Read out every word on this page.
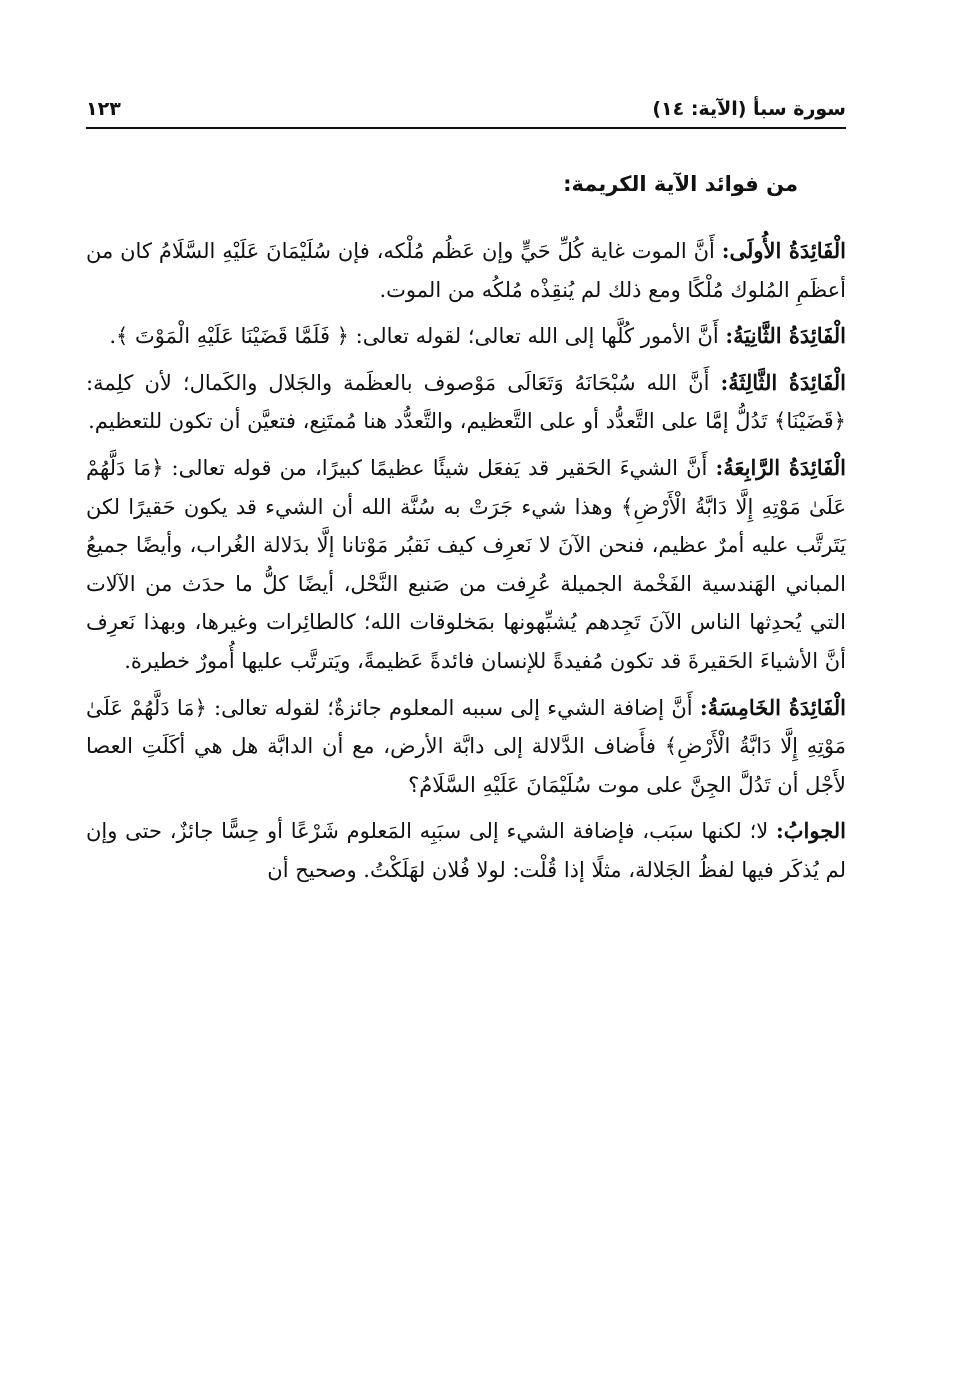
سورة سبأ (الآية: ١٤)
١٢٣
من فوائد الآية الكريمة:

الْفَائِدَةُ الأُولَى: أَنَّ الموت غاية كُلِّ حَيٍّ وإن عَظُم مُلْكه، فإن سُلَيْمَانَ عَلَيْهِ السَّلَامُ كان من أعظَمِ المُلوك مُلْكًا ومع ذلك لم يُنقِذْه مُلكُه من الموت.

الْفَائِدَةُ الثَّانِيَةُ: أَنَّ الأمور كُلَّها إلى الله تعالى؛ لقوله تعالى: ﴿ فَلَمَّا قَضَيْنَا عَلَيْهِ الْمَوْتَ ﴾.

الْفَائِدَةُ الثَّالِثَةُ: أَنَّ الله سُبْحَانَهُ وَتَعَالَى مَوْصوف بالعظَمة والجَلال والكَمال؛ لأن كلِمة: ﴿قَضَيْنَا﴾ تَدُلُّ إمَّا على التَّعدُّد أو على التَّعظيم، والتَّعدُّد هنا مُمتَنِع، فتعيَّن أن تكون للتعظيم.

الْفَائِدَةُ الرَّابِعَةُ: أَنَّ الشيءَ الحَقير قد يَفعَل شيئًا عظيمًا كبيرًا، من قوله تعالى: ﴿مَا دَلَّهُمْ عَلَىٰ مَوْتِهِ إِلَّا دَابَّةُ الْأَرْضِ﴾ وهذا شيء جَرَتْ به سُنَّة الله أن الشيء قد يكون حَقيرًا لكن يَتَرتَّب عليه أمرٌ عظيم، فنحن الآنَ لا نَعرِف كيف نَقبُر مَوْتانا إلَّا بدَلالة الغُراب، وأيضًا جميعُ المباني الهَندسية الفَخْمة الجميلة عُرِفت من صَنيع النَّحْل، أيضًا كلُّ ما حدَث من الآلات التي يُحدِثها الناس الآنَ تَجِدهم يُشبِّهونها بمَخلوقات الله؛ كالطائِرات وغيرها، وبهذا نَعرِف أنَّ الأشياءَ الحَقيرةَ قد تكون مُفيدةً للإنسان فائدةً عَظيمةً، ويَترتَّب عليها أُمورٌ خطيرة.

الْفَائِدَةُ الخَامِسَةُ: أَنَّ إضافة الشيء إلى سببه المعلوم جائزةٌ؛ لقوله تعالى: ﴿مَا دَلَّهُمْ عَلَىٰ مَوْتِهِ إِلَّا دَابَّةُ الْأَرْضِ﴾ فأَضاف الدَّلالة إلى دابَّة الأرض، مع أن الدابَّة هل هي أكَلَتِ العصا لأَجْل أن تَدُلَّ الجِنَّ على موت سُلَيْمَانَ عَلَيْهِ السَّلَامُ؟

الجوابُ: لا؛ لكنها سبَب، فإضافة الشيء إلى سبَبِه المَعلوم شَرْعًا أو حِسًّا جائزٌ، حتى وإن لم يُذكَر فيها لفظُ الجَلالة، مثلًا إذا قُلْت: لولا فُلان لهَلَكْتُ. وصحيح أن
